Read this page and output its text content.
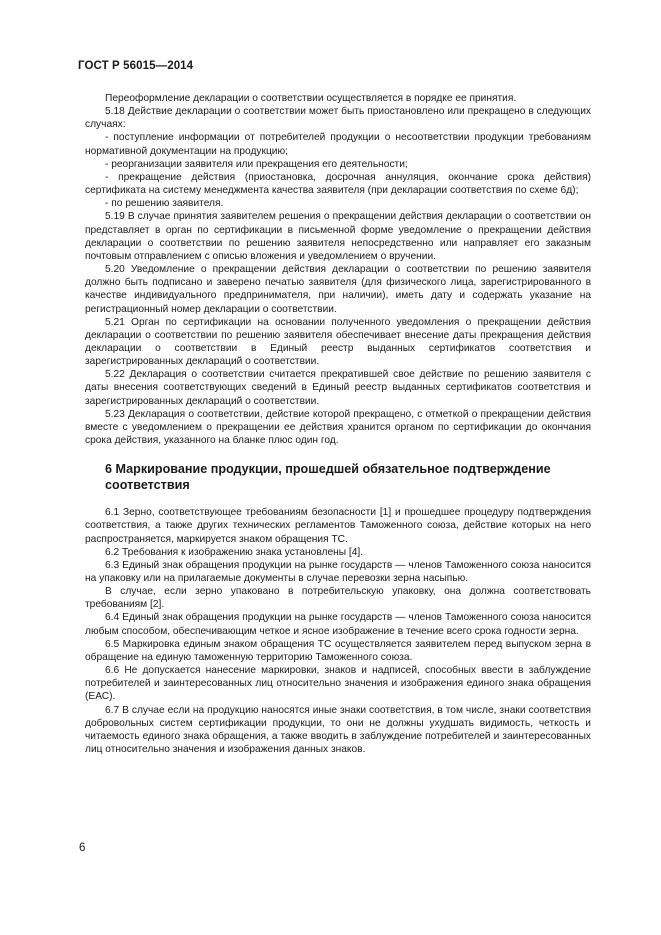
ГОСТ Р 56015—2014

Переоформление декларации о соответствии осуществляется в порядке ее принятия.

5.18 Действие декларации о соответствии может быть приостановлено или прекращено в следующих случаях:

- поступление информации от потребителей продукции о несоответствии продукции требованиям нормативной документации на продукцию;

- реорганизации заявителя или прекращения его деятельности;

- прекращение действия (приостановка, досрочная аннуляция, окончание срока действия) сертификата на систему менеджмента качества заявителя (при декларации соответствия по схеме 6д);

- по решению заявителя.

5.19 В случае принятия заявителем решения о прекращении действия декларации о соответствии он представляет в орган по сертификации в письменной форме уведомление о прекращении действия декларации о соответствии по решению заявителя непосредственно или направляет его заказным почтовым отправлением с описью вложения и уведомлением о вручении.

5.20 Уведомление о прекращении действия декларации о соответствии по решению заявителя должно быть подписано и заверено печатью заявителя (для физического лица, зарегистрированного в качестве индивидуального предпринимателя, при наличии), иметь дату и содержать указание на регистрационный номер декларации о соответствии.

5.21 Орган по сертификации на основании полученного уведомления о прекращении действия декларации о соответствии по решению заявителя обеспечивает внесение даты прекращения действия декларации о соответствии в Единый реестр выданных сертификатов соответствия и зарегистрированных деклараций о соответствии.

5.22 Декларация о соответствии считается прекратившей свое действие по решению заявителя с даты внесения соответствующих сведений в Единый реестр выданных сертификатов соответствия и зарегистрированных деклараций о соответствии.

5.23 Декларация о соответствии, действие которой прекращено, с отметкой о прекращении действия вместе с уведомлением о прекращении ее действия хранится органом по сертификации до окончания срока действия, указанного на бланке плюс один год.

6 Маркирование продукции, прошедшей обязательное подтверждение соответствия

6.1 Зерно, соответствующее требованиям безопасности [1] и прошедшее процедуру подтверждения соответствия, а также других технических регламентов Таможенного союза, действие которых на него распространяется, маркируется знаком обращения ТС.

6.2 Требования к изображению знака установлены [4].

6.3 Единый знак обращения продукции на рынке государств — членов Таможенного союза наносится на упаковку или на прилагаемые документы в случае перевозки зерна насыпью.

В случае, если зерно упаковано в потребительскую упаковку, она должна соответствовать требованиям [2].

6.4 Единый знак обращения продукции на рынке государств — членов Таможенного союза наносится любым способом, обеспечивающим четкое и ясное изображение в течение всего срока годности зерна.

6.5 Маркировка единым знаком обращения ТС осуществляется заявителем перед выпуском зерна в обращение на единую таможенную территорию Таможенного союза.

6.6 Не допускается нанесение маркировки, знаков и надписей, способных ввести в заблуждение потребителей и заинтересованных лиц относительно значения и изображения единого знака обращения (ЕАС).

6.7 В случае если на продукцию наносятся иные знаки соответствия, в том числе, знаки соответствия добровольных систем сертификации продукции, то они не должны ухудшать видимость, четкость и читаемость единого знака обращения, а также вводить в заблуждение потребителей и заинтересованных лиц относительно значения и изображения данных знаков.

6
